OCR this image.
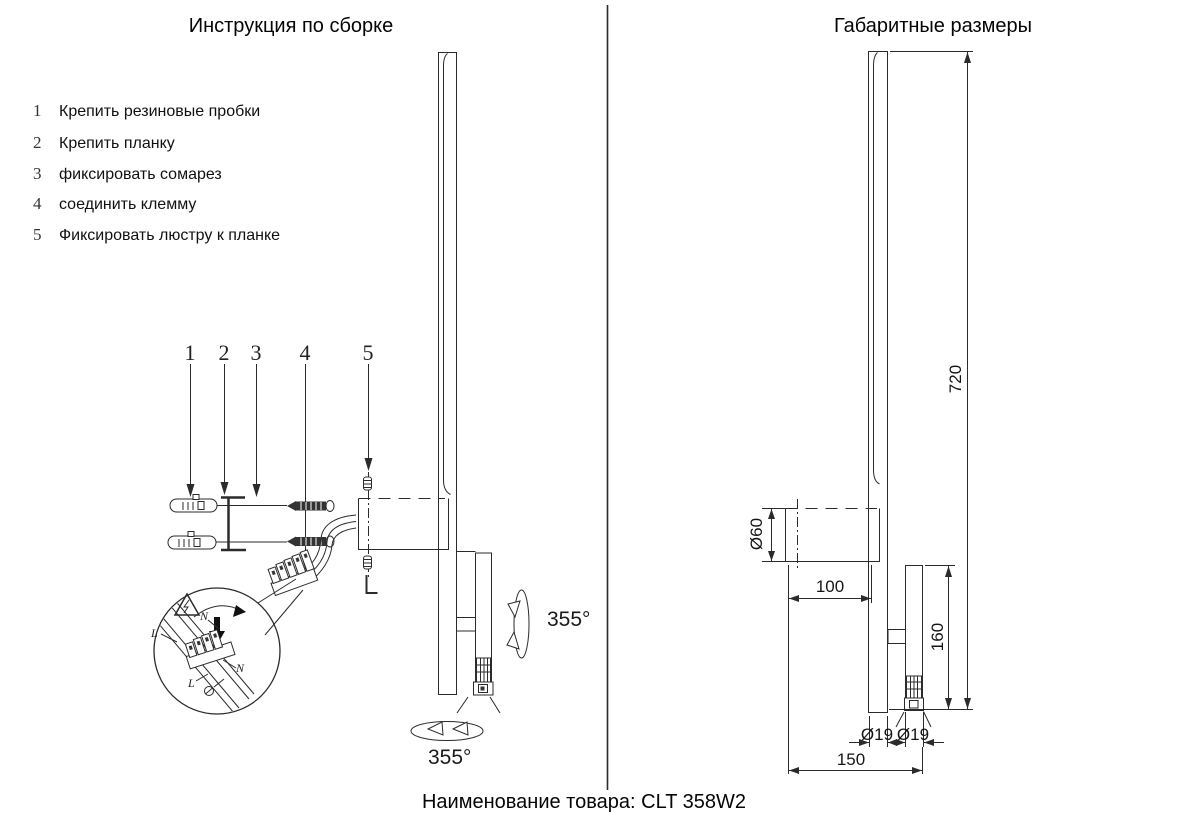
Инструкция по сборке	Габаритные размеры
1	Крепить резиновые пробки
2	Крепить планку
3	фиксировать сомарез
4	соединить клемму
5	Фиксировать люстру к планке
1 2 3 4 5
355°
355°
N
L
N
L
720
Ø60
100
160
Ø19 Ø19
150
Наименование товара: CLT 358W2
